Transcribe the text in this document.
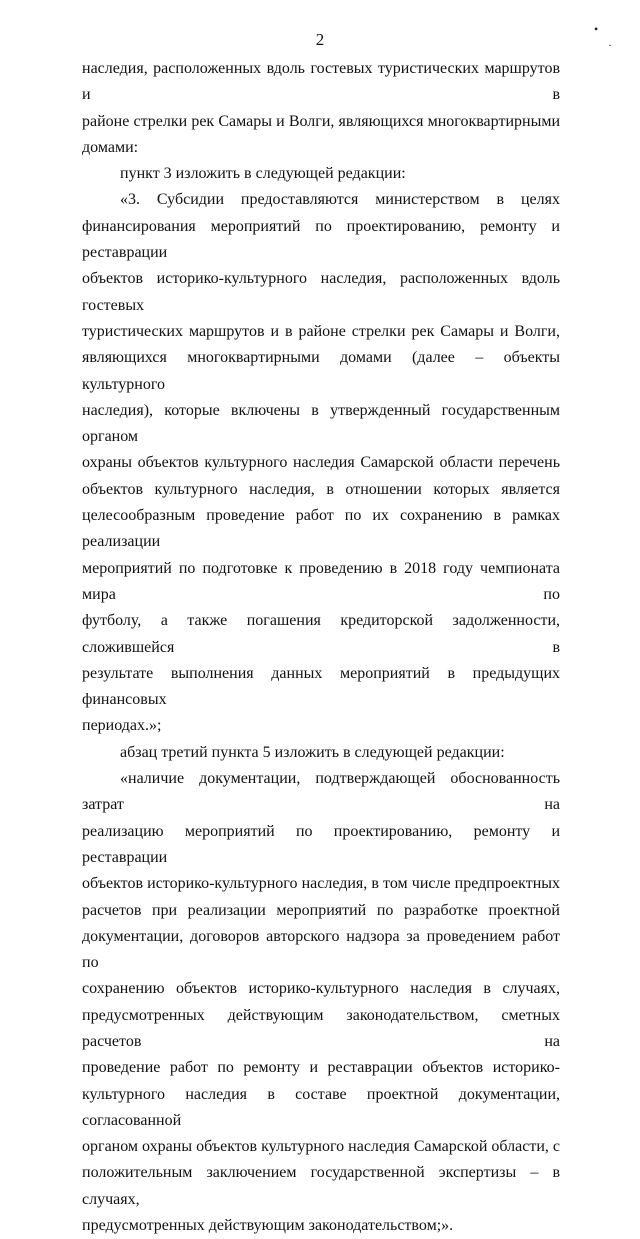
2
•
·
наследия, расположенных вдоль гостевых туристических маршрутов и в
районе стрелки рек Самары и Волги, являющихся многоквартирными
домами:
пункт 3 изложить в следующей редакции:
«3. Субсидии предоставляются министерством в целях
финансирования мероприятий по проектированию, ремонту и реставрации
объектов историко-культурного наследия, расположенных вдоль гостевых
туристических маршрутов и в районе стрелки рек Самары и Волги,
являющихся многоквартирными домами (далее – объекты культурного
наследия), которые включены в утвержденный государственным органом
охраны объектов культурного наследия Самарской области перечень
объектов культурного наследия, в отношении которых является
целесообразным проведение работ по их сохранению в рамках реализации
мероприятий по подготовке к проведению в 2018 году чемпионата мира по
футболу, а также погашения кредиторской задолженности, сложившейся в
результате выполнения данных мероприятий в предыдущих финансовых
периодах.»;
абзац третий пункта 5 изложить в следующей редакции:
«наличие документации, подтверждающей обоснованность затрат на
реализацию мероприятий по проектированию, ремонту и реставрации
объектов историко-культурного наследия, в том числе предпроектных
расчетов при реализации мероприятий по разработке проектной
документации, договоров авторского надзора за проведением работ по
сохранению объектов историко-культурного наследия в случаях,
предусмотренных действующим законодательством, сметных расчетов на
проведение работ по ремонту и реставрации объектов историко-
культурного наследия в составе проектной документации, согласованной
органом охраны объектов культурного наследия Самарской области, с
положительным заключением государственной экспертизы – в случаях,
предусмотренных действующим законодательством;».
